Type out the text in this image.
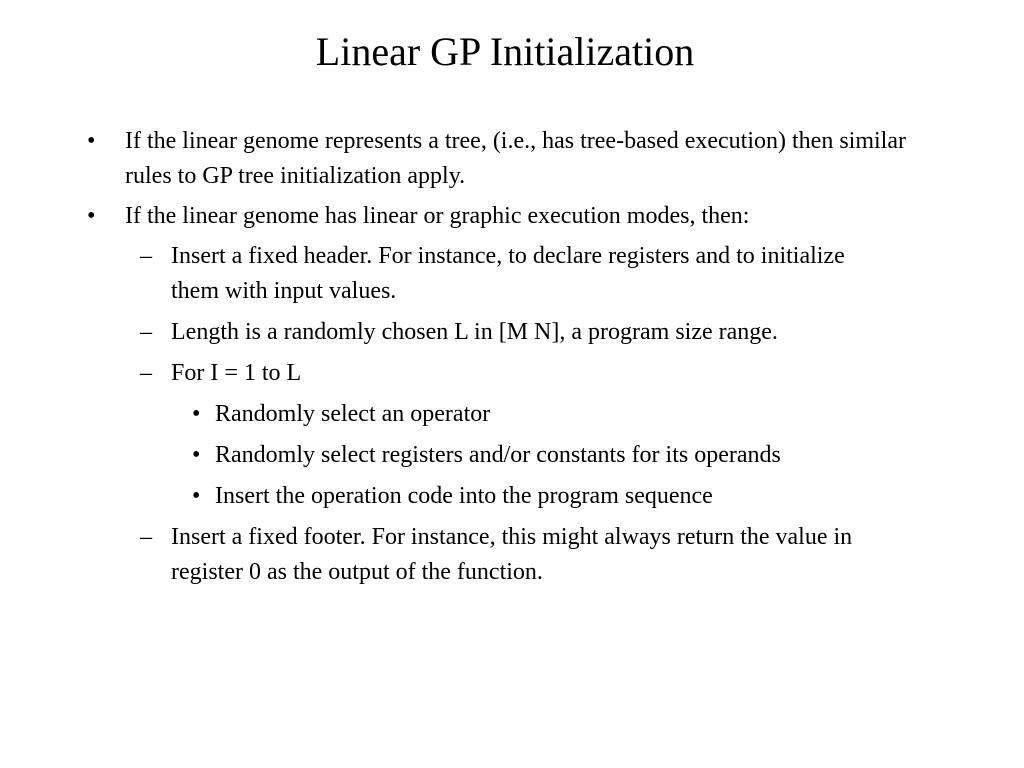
Linear GP Initialization
• If the linear genome represents a tree, (i.e., has tree-based execution) then similar rules to GP tree initialization apply.
• If the linear genome has linear or graphic execution modes, then:
– Insert a fixed header. For instance, to declare registers and to initialize them with input values.
– Length is a randomly chosen L in [M N], a program size range.
– For I = 1 to L
• Randomly select an operator
• Randomly select registers and/or constants for its operands
• Insert the operation code into the program sequence
– Insert a fixed footer. For instance, this might always return the value in register 0 as the output of the function.
